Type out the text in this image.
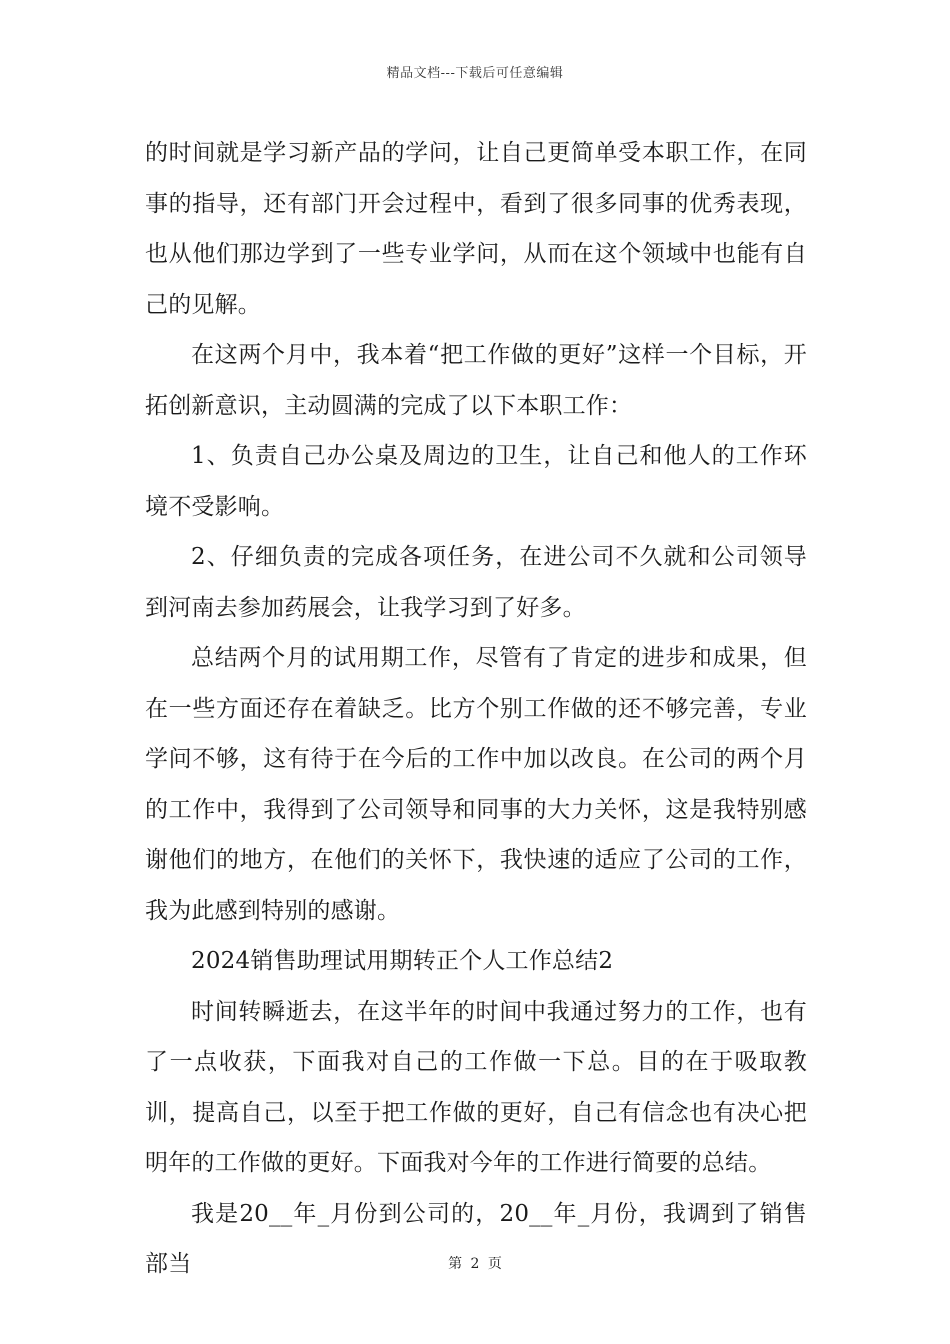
精品文档---下载后可任意编辑

的时间就是学习新产品的学问，让自己更简单受本职工作，在同事的指导，还有部门开会过程中，看到了很多同事的优秀表现，也从他们那边学到了一些专业学问，从而在这个领域中也能有自己的见解。

在这两个月中，我本着“把工作做的更好”这样一个目标，开拓创新意识，主动圆满的完成了以下本职工作：

1、负责自己办公桌及周边的卫生，让自己和他人的工作环境不受影响。

2、仔细负责的完成各项任务，在进公司不久就和公司领导到河南去参加药展会，让我学习到了好多。

总结两个月的试用期工作，尽管有了肯定的进步和成果，但在一些方面还存在着缺乏。比方个别工作做的还不够完善，专业学问不够，这有待于在今后的工作中加以改良。在公司的两个月的工作中，我得到了公司领导和同事的大力关怀，这是我特别感谢他们的地方，在他们的关怀下，我快速的适应了公司的工作，我为此感到特别的感谢。

2024销售助理试用期转正个人工作总结2

时间转瞬逝去，在这半年的时间中我通过努力的工作，也有了一点收获，下面我对自己的工作做一下总。目的在于吸取教训，提高自己，以至于把工作做的更好，自己有信念也有决心把明年的工作做的更好。下面我对今年的工作进行简要的总结。

我是20__年_月份到公司的，20__年_月份，我调到了销售部当	第 2 页
